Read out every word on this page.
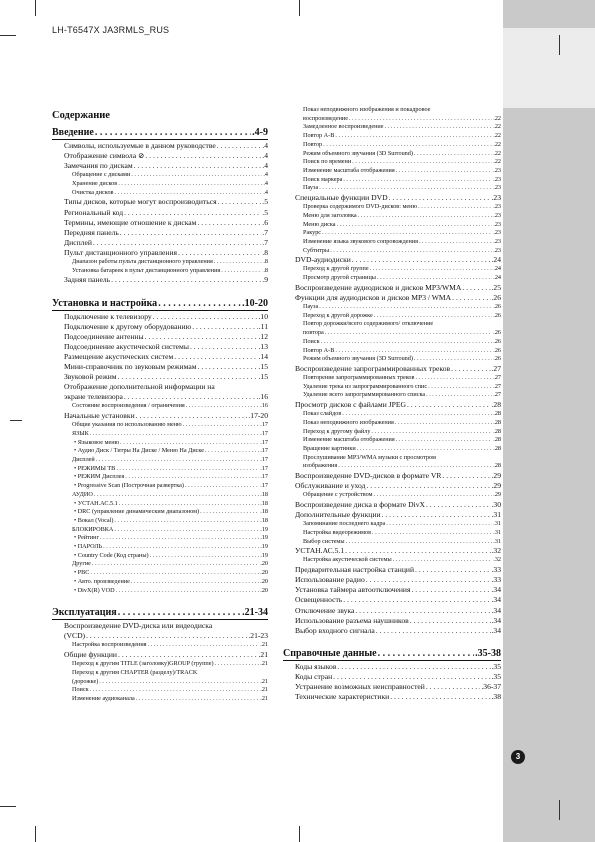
LH-T6547X JA3RMLS_RUS
Содержание
Введение . . .	.4-9
Символы, используемые в данном руководстве . . .	.4
Отображение символа ⊘ . . .	.4
Замечания по дискам . . .	.4
Обращение с дисками . . .	.4
Хранение дисков . . .	.4
Очистка дисков . . .	.4
Типы дисков, которые могут воспроизводиться . . .	.5
Региональный код . . .	.5
Термины, имеющие отношение к дискам . . .	.6
Передняя панель . . .	.7
Дисплей . . .	.7
Пульт дистанционного управления . . .	.8
Диапазон работы пульта дистанционного управления . . .	.8
Установка батареек в пульт дистанционного управления . . .	.8
Задняя панель . . .	.9
Установка и настройка . . .	.10-20
Подключение к телевизору . . .	.10
Подключение к другому оборудованию . . .	.11
Подсоединение антенны . . .	.12
Подсоединение акустической системы . . .	.13
Размещение акустических систем . . .	.14
Мини-справочник по звуковым режимам . . .	.15
Звуковой режим . . .	.15
Отображение дополнительной информации на
экране телевизора . . .	.16
Состояние воспроизведения / ограничения . . .	.16
Начальные установки . . .	.17-20
Общие указания по использованию меню . . .	.17
ЯЗЫК . . .	.17
• Языковое меню . . .	.17
• Аудио Диск / Титры На Диске / Меню На Диске . . .	.17
Дисплей . . .	.17
• РЕЖИМЫ ТВ . . .	.17
• РЕЖИМ Дисплея . . .	.17
• Progressive Scan (Построчная развертка) . . .	.17
АУДИО . . .	.18
• УСТАН.АС.5.1 . . .	.18
• DRC (управление динамическим диапазоном) . . .	.18
• Вокал (Vocal) . . .	.18
БЛОКИРОВКА . . .	.19
• Рейтинг . . .	.19
• ПАРОЛЬ . . .	.19
• Country Code (Код страны) . . .	.19
Другие . . .	.20
• PBC . . .	.20
• Авто. произведение . . .	.20
• DivX(R) VOD . . .	.20
Эксплуатация . . .	.21-34
Воспроизведение DVD-диска или видеодиска
(VCD) . . .	.21-23
Настройка воспроизведения . . .	.21
Общие функции . . .	.21
Переход к другим TITLE (заголовку)GROUP (группе) . . .	.21
Переход к другим CHAPTER (разделу)/TRACK
(дорожке) . . .	.21
Поиск . . .	.21
Изменение аудиоканала . . .	.21
Показ неподвижного изображения и покадровое
воспроизведение . . .	.22
Замедленное воспроизведение . . .	.22
Повтор A-B . . .	.22
Повтор . . .	.22
Режим объемного звучания (3D Surround) . . .	.22
Поиск по времени . . .	.22
Изменение масштаба отображения . . .	.23
Поиск маркера . . .	.23
Пауза . . .	.23
Специальные функции DVD . . .	.23
Проверка содержимого DVD-дисков: меню . . .	.23
Меню для заголовка . . .	.23
Меню диска . . .	.23
Ракурс . . .	.23
Изменение языка звукового сопровождения . . .	.23
Субтитры . . .	.23
DVD-аудиодиски . . .	.24
Переход к другой группе . . .	.24
Просмотр другой страницы . . .	.24
Воспроизведение аудиодисков и дисков MP3/WMA . . .	.25
Функции для аудиодисков и дисков MP3 / WMA . . .	.26
Пауза . . .	.26
Переход к другой дорожке . . .	.26
Повтор дорожки/всего содержимого/ отключение
повтора . . .	.26
Поиск . . .	.26
Повтор A-B . . .	.26
Режим объемного звучания (3D Surround) . . .	.26
Воспроизведение запрограммированных треков . . .	.27
Повторение запрограммированных треков . . .	.27
Удаление трека из запрограммированного спис . . .	.27
Удаление всего запрограммированного списка . . .	.27
Просмотр дисков с файлами JPEG . . .	.28
Показ слайдов . . .	.28
Показ неподвижного изображения . . .	.28
Переход к другому файлу . . .	.28
Изменение масштаба отображения . . .	.28
Вращение картинки . . .	.28
Прослушивание MP3/WMA музыки с просмотром
изображения . . .	.28
Воспроизведение DVD-дисков в формате VR . . .	.29
Обслуживание и уход . . .	.29
Обращение с устройством . . .	.29
Воспроизведение диска в формате DivX . . .	.30
Дополнительные функции . . .	.31
Запоминание последнего кадра . . .	.31
Настройка видеорежимов . . .	.31
Выбор системы . . .	.31
УСТАН.АС.5.1 . . .	.32
Настройка акустической системы . . .	.32
Предварительная настройка станций . . .	.33
Использование радио . . .	.33
Установка таймера автоотключения . . .	.34
Освещенность . . .	.34
Отключение звука . . .	.34
Использование разъема наушников . . .	.34
Выбор входного сигнала . . .	.34
Справочные данные . . .	.35-38
Коды языков . . .	.35
Коды стран . . .	.35
Устранение возможных неисправностей . . .	.36-37
Технические характеристики . . .	.38
3
